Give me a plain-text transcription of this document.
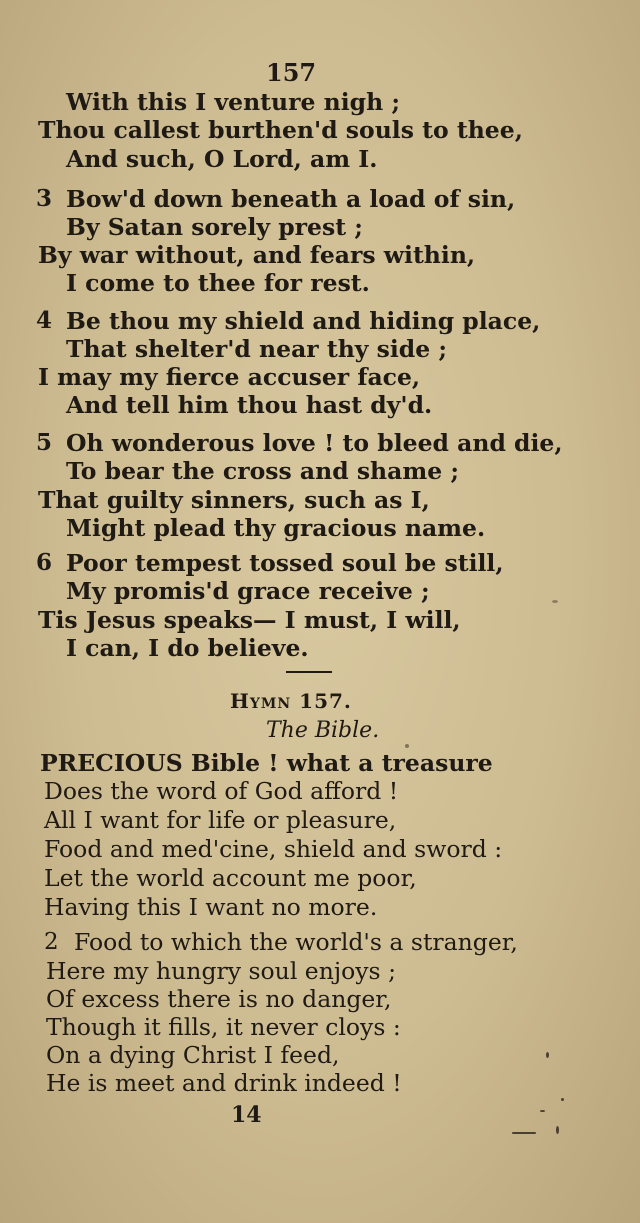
157
With this I venture nigh ;
Thou callest burthen'd souls to thee,
And such, O Lord, am I.
3 Bow'd down beneath a load of sin,
By Satan sorely prest ;
By war without, and fears within,
I come to thee for rest.
4 Be thou my shield and hiding place,
That shelter'd near thy side ;
I may my fierce accuser face,
And tell him thou hast dy'd.
5 Oh wonderous love ! to bleed and die,
To bear the cross and shame ;
That guilty sinners, such as I,
Might plead thy gracious name.
6 Poor tempest tossed soul be still,
My promis'd grace receive ;
Tis Jesus speaks— I must, I will,
I can, I do believe.
Hymn 157.
The Bible.
PRECIOUS Bible ! what a treasure
Does the word of God afford !
All I want for life or pleasure,
Food and med'cine, shield and sword :
Let the world account me poor,
Having this I want no more.
2 Food to which the world's a stranger,
Here my hungry soul enjoys ;
Of excess there is no danger,
Though it fills, it never cloys :
On a dying Christ I feed,
He is meet and drink indeed !
14
